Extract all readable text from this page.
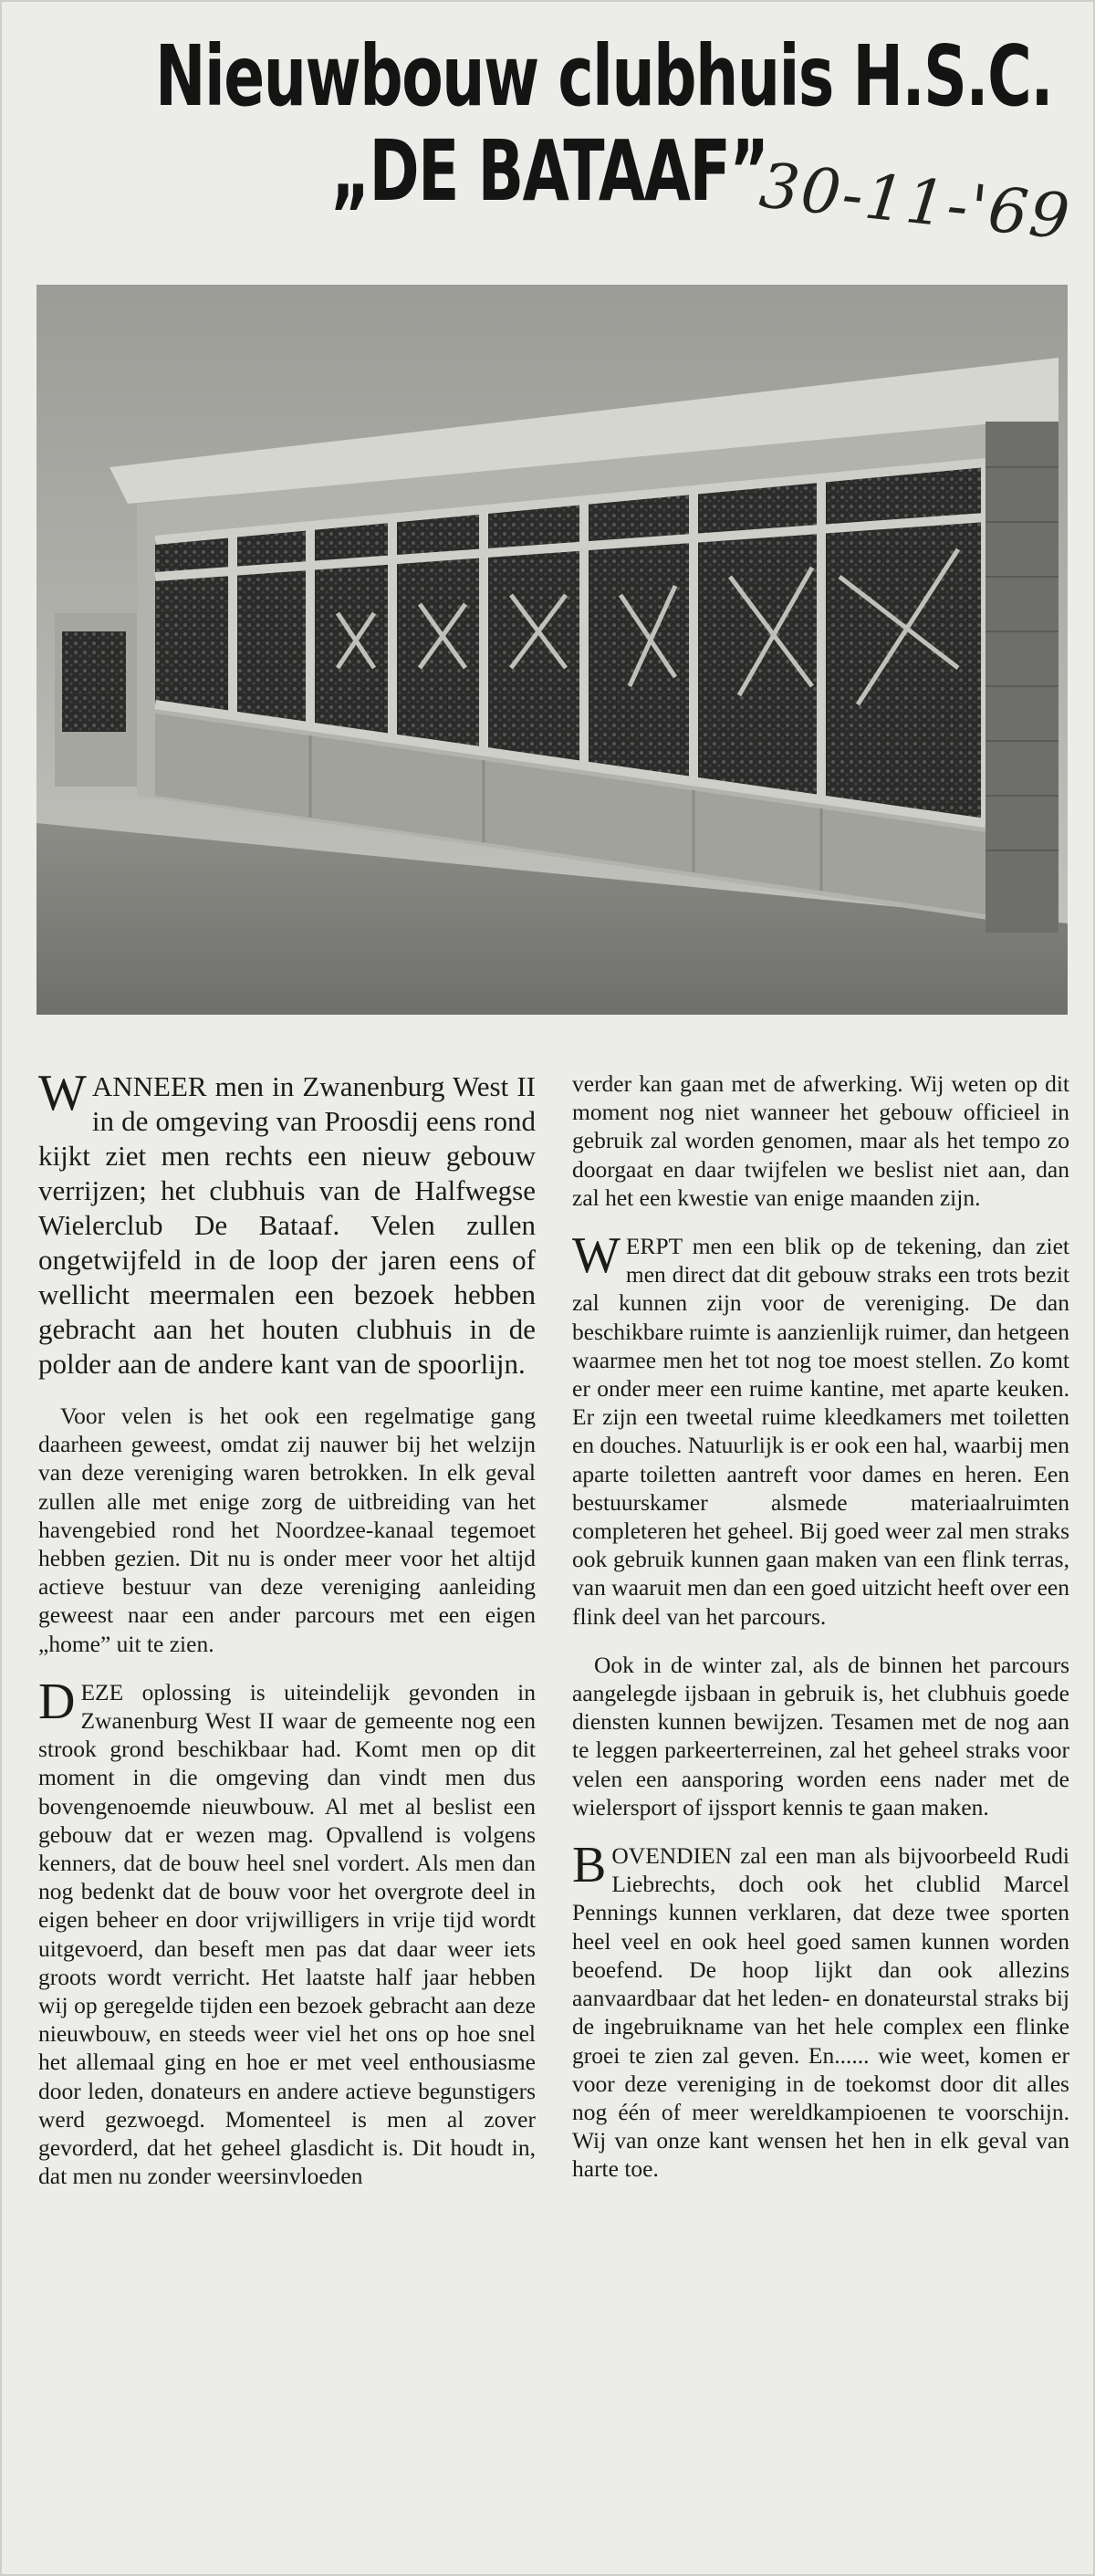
Nieuwbouw clubhuis H.S.C.
„DE BATAAF”
30-11-'69

WANNEER men in Zwanenburg West II in de omgeving van Proosdij eens rond kijkt ziet men rechts een nieuw gebouw verrijzen; het clubhuis van de Halfwegse Wielerclub De Bataaf. Velen zullen ongetwijfeld in de loop der jaren eens of wellicht meermalen een bezoek hebben gebracht aan het houten clubhuis in de polder aan de andere kant van de spoorlijn.

Voor velen is het ook een regelmatige gang daarheen geweest, omdat zij nauwer bij het welzijn van deze vereniging waren betrokken. In elk geval zullen alle met enige zorg de uitbreiding van het havengebied rond het Noordzee-kanaal tegemoet hebben gezien. Dit nu is onder meer voor het altijd actieve bestuur van deze vereniging aanleiding geweest naar een ander parcours met een eigen „home” uit te zien.

DEZE oplossing is uiteindelijk gevonden in Zwanenburg West II waar de gemeente nog een strook grond beschikbaar had. Komt men op dit moment in die omgeving dan vindt men dus bovengenoemde nieuwbouw. Al met al beslist een gebouw dat er wezen mag. Opvallend is volgens kenners, dat de bouw heel snel vordert. Als men dan nog bedenkt dat de bouw voor het overgrote deel in eigen beheer en door vrijwilligers in vrije tijd wordt uitgevoerd, dan beseft men pas dat daar weer iets groots wordt verricht. Het laatste half jaar hebben wij op geregelde tijden een bezoek gebracht aan deze nieuwbouw, en steeds weer viel het ons op hoe snel het allemaal ging en hoe er met veel enthousiasme door leden, donateurs en andere actieve begunstigers werd gezwoegd. Momenteel is men al zover gevorderd, dat het geheel glasdicht is. Dit houdt in, dat men nu zonder weersinvloeden

verder kan gaan met de afwerking. Wij weten op dit moment nog niet wanneer het gebouw officieel in gebruik zal worden genomen, maar als het tempo zo doorgaat en daar twijfelen we beslist niet aan, dan zal het een kwestie van enige maanden zijn.

WERPT men een blik op de tekening, dan ziet men direct dat dit gebouw straks een trots bezit zal kunnen zijn voor de vereniging. De dan beschikbare ruimte is aanzienlijk ruimer, dan hetgeen waarmee men het tot nog toe moest stellen. Zo komt er onder meer een ruime kantine, met aparte keuken. Er zijn een tweetal ruime kleedkamers met toiletten en douches. Natuurlijk is er ook een hal, waarbij men aparte toiletten aantreft voor dames en heren. Een bestuurskamer alsmede materiaalruimten completeren het geheel. Bij goed weer zal men straks ook gebruik kunnen gaan maken van een flink terras, van waaruit men dan een goed uitzicht heeft over een flink deel van het parcours.

Ook in de winter zal, als de binnen het parcours aangelegde ijsbaan in gebruik is, het clubhuis goede diensten kunnen bewijzen. Tesamen met de nog aan te leggen parkeerterreinen, zal het geheel straks voor velen een aansporing worden eens nader met de wielersport of ijssport kennis te gaan maken.

BOVENDIEN zal een man als bijvoorbeeld Rudi Liebrechts, doch ook het clublid Marcel Pennings kunnen verklaren, dat deze twee sporten heel veel en ook heel goed samen kunnen worden beoefend. De hoop lijkt dan ook allezins aanvaardbaar dat het leden- en donateurstal straks bij de ingebruikname van het hele complex een flinke groei te zien zal geven. En...... wie weet, komen er voor deze vereniging in de toekomst door dit alles nog één of meer wereldkampioenen te voorschijn. Wij van onze kant wensen het hen in elk geval van harte toe.
